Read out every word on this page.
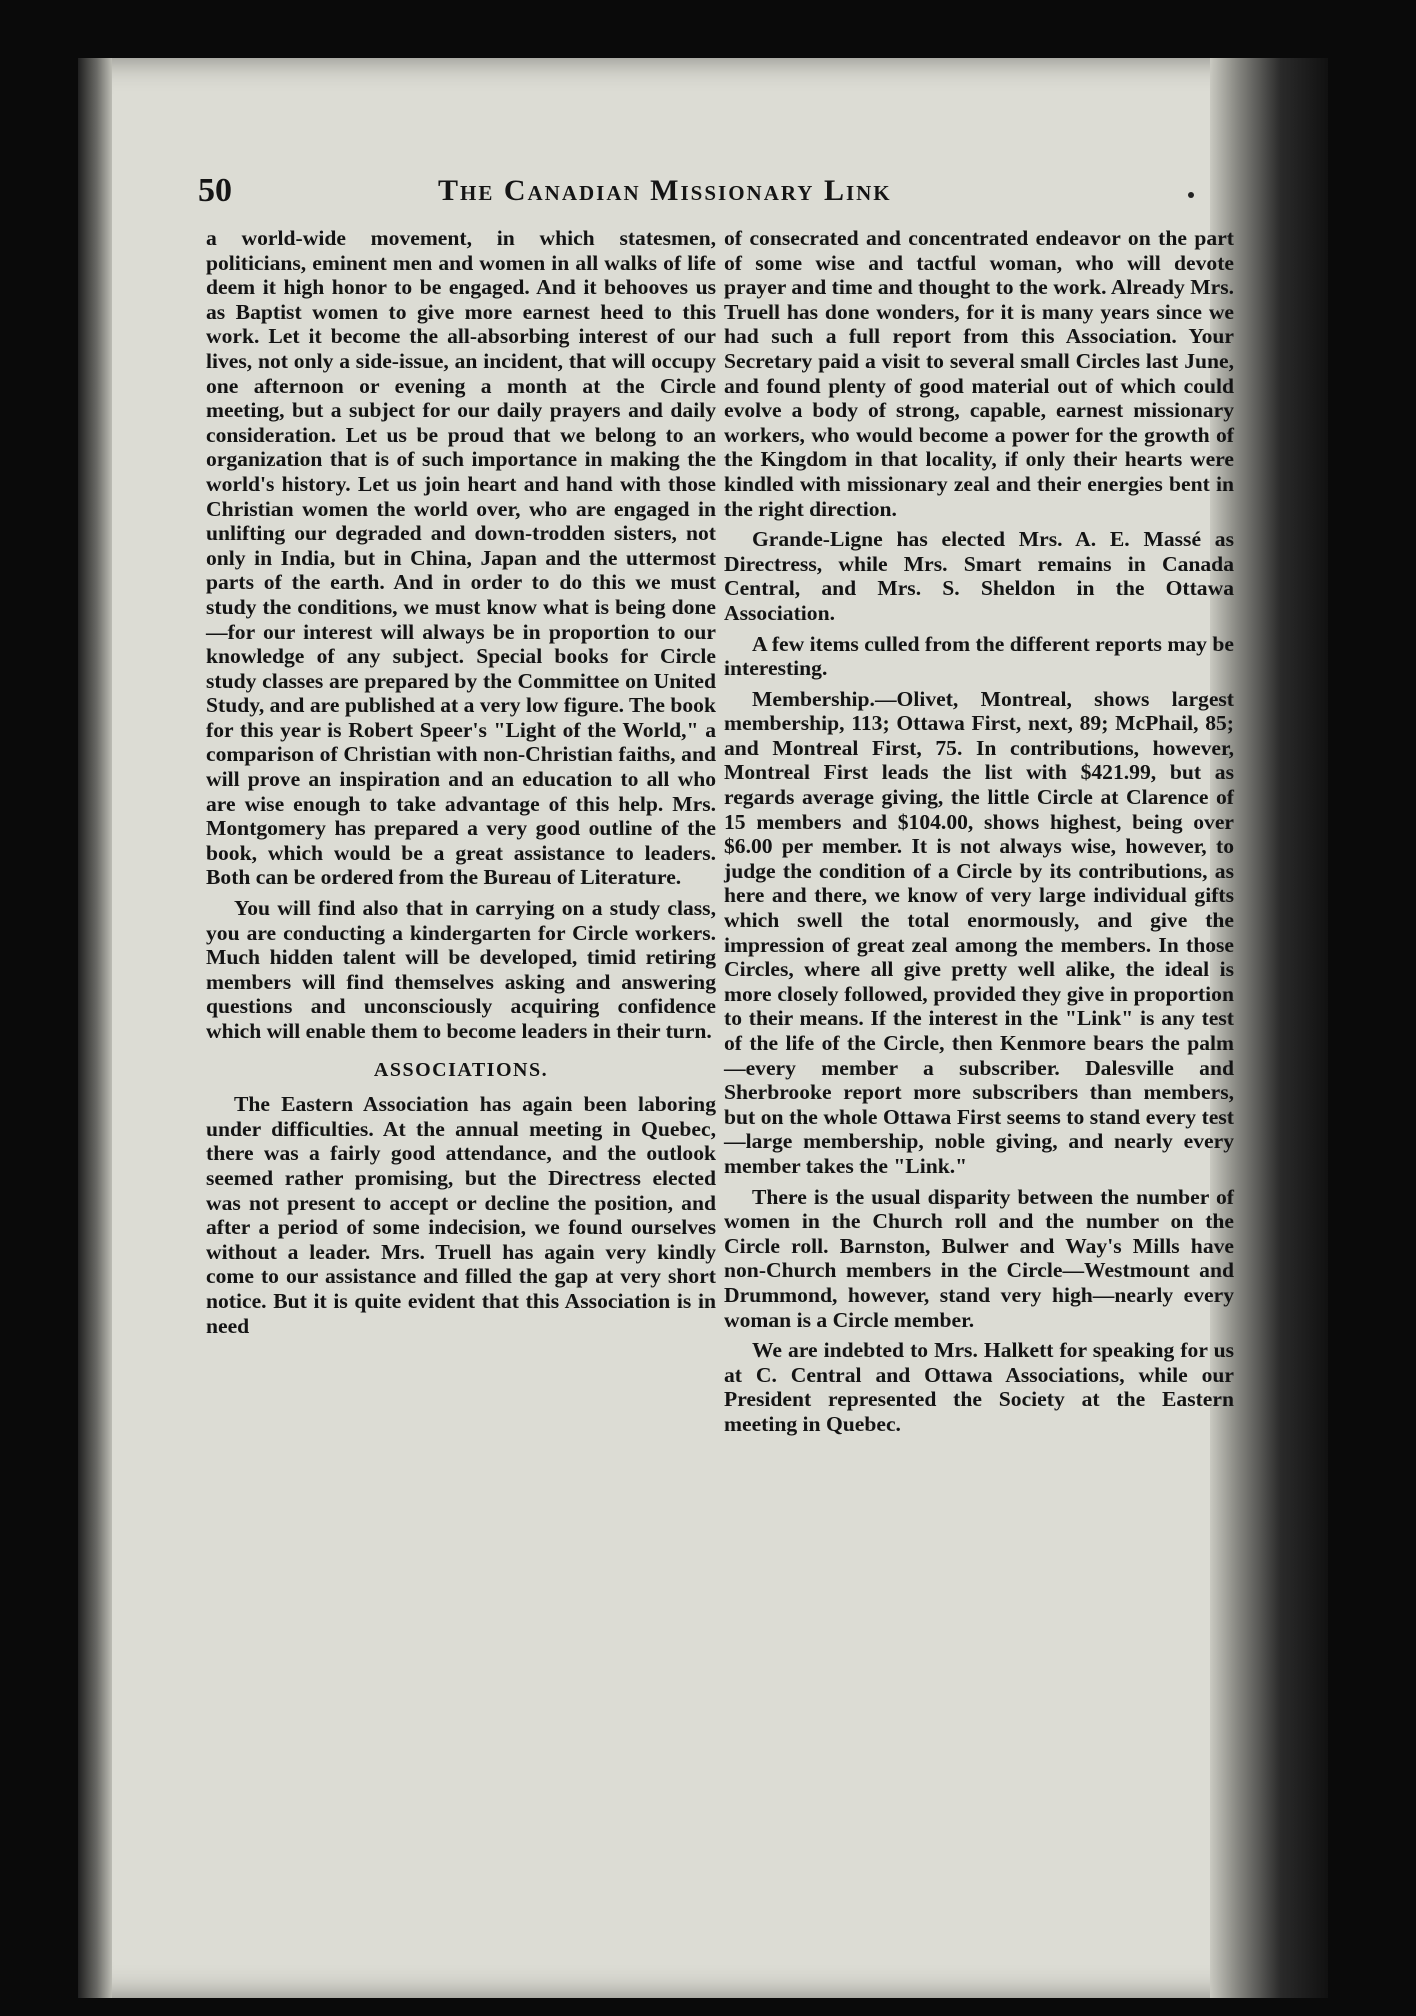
50	The Canadian Missionary Link

a world-wide movement, in which statesmen, politicians, eminent men and women in all walks of life deem it high honor to be engaged. And it behooves us as Baptist women to give more earnest heed to this work. Let it become the all-absorbing interest of our lives, not only a side-issue, an incident, that will occupy one afternoon or evening a month at the Circle meeting, but a subject for our daily prayers and daily consideration. Let us be proud that we belong to an organization that is of such importance in making the world's history. Let us join heart and hand with those Christian women the world over, who are engaged in unlifting our degraded and down-trodden sisters, not only in India, but in China, Japan and the uttermost parts of the earth. And in order to do this we must study the conditions, we must know what is being done—for our interest will always be in proportion to our knowledge of any subject. Special books for Circle study classes are prepared by the Committee on United Study, and are published at a very low figure. The book for this year is Robert Speer's "Light of the World," a comparison of Christian with non-Christian faiths, and will prove an inspiration and an education to all who are wise enough to take advantage of this help. Mrs. Montgomery has prepared a very good outline of the book, which would be a great assistance to leaders. Both can be ordered from the Bureau of Literature.

You will find also that in carrying on a study class, you are conducting a kindergarten for Circle workers. Much hidden talent will be developed, timid retiring members will find themselves asking and answering questions and unconsciously acquiring confidence which will enable them to become leaders in their turn.

ASSOCIATIONS.

The Eastern Association has again been laboring under difficulties. At the annual meeting in Quebec, there was a fairly good attendance, and the outlook seemed rather promising, but the Directress elected was not present to accept or decline the position, and after a period of some indecision, we found ourselves without a leader. Mrs. Truell has again very kindly come to our assistance and filled the gap at very short notice. But it is quite evident that this Association is in need

of consecrated and concentrated endeavor on the part of some wise and tactful woman, who will devote prayer and time and thought to the work. Already Mrs. Truell has done wonders, for it is many years since we had such a full report from this Association. Your Secretary paid a visit to several small Circles last June, and found plenty of good material out of which could evolve a body of strong, capable, earnest missionary workers, who would become a power for the growth of the Kingdom in that locality, if only their hearts were kindled with missionary zeal and their energies bent in the right direction.

Grande-Ligne has elected Mrs. A. E. Massé as Directress, while Mrs. Smart remains in Canada Central, and Mrs. S. Sheldon in the Ottawa Association.

A few items culled from the different reports may be interesting.

Membership.—Olivet, Montreal, shows largest membership, 113; Ottawa First, next, 89; McPhail, 85; and Montreal First, 75. In contributions, however, Montreal First leads the list with $421.99, but as regards average giving, the little Circle at Clarence of 15 members and $104.00, shows highest, being over $6.00 per member. It is not always wise, however, to judge the condition of a Circle by its contributions, as here and there, we know of very large individual gifts which swell the total enormously, and give the impression of great zeal among the members. In those Circles, where all give pretty well alike, the ideal is more closely followed, provided they give in proportion to their means. If the interest in the "Link" is any test of the life of the Circle, then Kenmore bears the palm—every member a subscriber. Dalesville and Sherbrooke report more subscribers than members, but on the whole Ottawa First seems to stand every test—large membership, noble giving, and nearly every member takes the "Link."

There is the usual disparity between the number of women in the Church roll and the number on the Circle roll. Barnston, Bulwer and Way's Mills have non-Church members in the Circle—Westmount and Drummond, however, stand very high—nearly every woman is a Circle member.

We are indebted to Mrs. Halkett for speaking for us at C. Central and Ottawa Associations, while our President represented the Society at the Eastern meeting in Quebec.
